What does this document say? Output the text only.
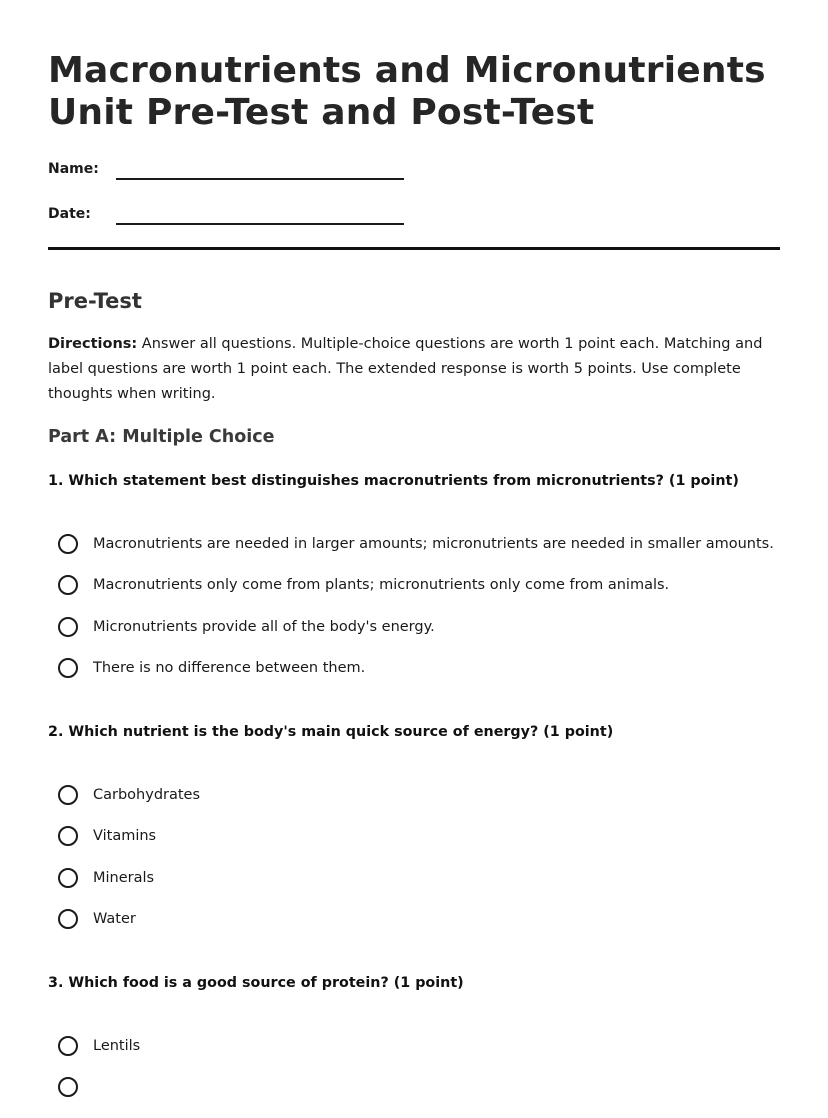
Macronutrients and Micronutrients
Unit Pre-Test and Post-Test
Name:
Date:
Pre-Test

Directions: Answer all questions. Multiple-choice questions are worth 1 point each. Matching and label questions are worth 1 point each. The extended response is worth 5 points. Use complete thoughts when writing.

Part A: Multiple Choice
1. Which statement best distinguishes macronutrients from micronutrients? (1 point)
Macronutrients are needed in larger amounts; micronutrients are needed in smaller amounts.
Macronutrients only come from plants; micronutrients only come from animals.
Micronutrients provide all of the body's energy.
There is no difference between them.
2. Which nutrient is the body's main quick source of energy? (1 point)
Carbohydrates
Vitamins
Minerals
Water
3. Which food is a good source of protein? (1 point)
Lentils
